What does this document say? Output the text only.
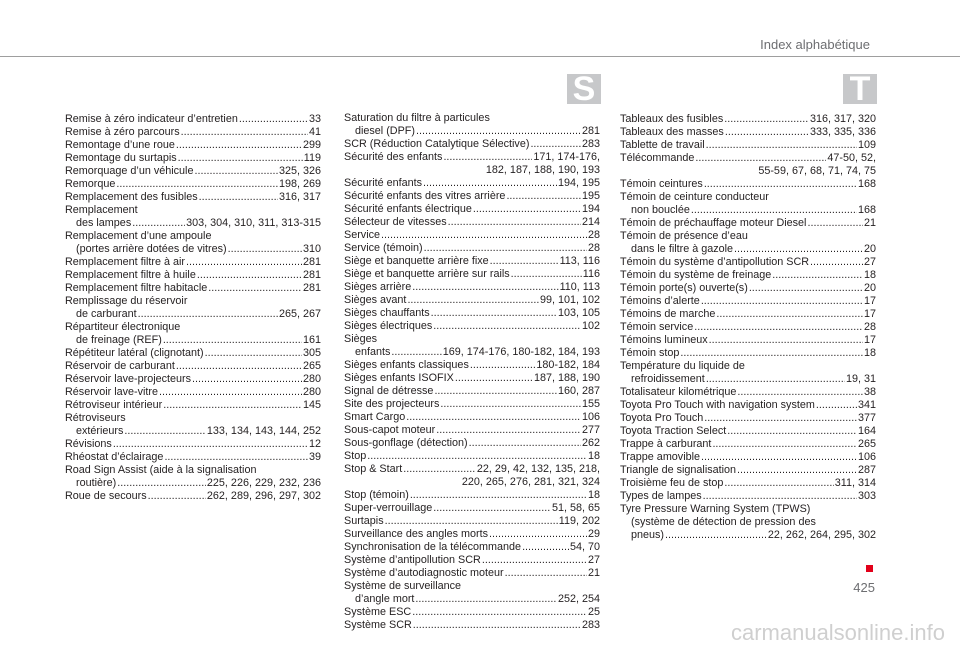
Index alphabétique
S	T
Remise à zéro indicateur d’entretien .....	33
Remise à zéro parcours .....	41
Remontage d’une roue .....	299
Remontage du surtapis .....	119
Remorquage d’un véhicule .....	325, 326
Remorque .....	198, 269
Remplacement des fusibles .....	316, 317
Remplacement
des lampes .....	303, 304, 310, 311, 313-315
Remplacement d’une ampoule
(portes arrière dotées de vitres) .....	310
Remplacement filtre à air .....	281
Remplacement filtre à huile .....	281
Remplacement filtre habitacle .....	281
Remplissage du réservoir
de carburant .....	265, 267
Répartiteur électronique
de freinage (REF) .....	161
Répétiteur latéral (clignotant) .....	305
Réservoir de carburant .....	265
Réservoir lave-projecteurs .....	280
Réservoir lave-vitre .....	280
Rétroviseur intérieur .....	145
Rétroviseurs
extérieurs .....	133, 134, 143, 144, 252
Révisions .....	12
Rhéostat d’éclairage .....	39
Road Sign Assist (aide à la signalisation
routière) .....	225, 226, 229, 232, 236
Roue de secours .....	262, 289, 296, 297, 302
Saturation du filtre à particules
diesel (DPF) .....	281
SCR (Réduction Catalytique Sélective) .....	283
Sécurité des enfants .....	171, 174-176,
182, 187, 188, 190, 193
Sécurité enfants .....	194, 195
Sécurité enfants des vitres arrière .....	195
Sécurité enfants électrique .....	194
Sélecteur de vitesses .....	214
Service .....	28
Service (témoin) .....	28
Siège et banquette arrière fixe .....	113, 116
Siège et banquette arrière sur rails .....	116
Sièges arrière .....	110, 113
Sièges avant .....	99, 101, 102
Sièges chauffants .....	103, 105
Sièges électriques .....	102
Sièges
enfants .....	169, 174-176, 180-182, 184, 193
Sièges enfants classiques .....	180-182, 184
Sièges enfants ISOFIX .....	187, 188, 190
Signal de détresse .....	160, 287
Site des projecteurs .....	155
Smart Cargo .....	106
Sous-capot moteur .....	277
Sous-gonflage (détection) .....	262
Stop .....	18
Stop & Start .....	22, 29, 42, 132, 135, 218,
220, 265, 276, 281, 321, 324
Stop (témoin) .....	18
Super-verrouillage .....	51, 58, 65
Surtapis .....	119, 202
Surveillance des angles morts .....	29
Synchronisation de la télécommande .....	54, 70
Système d’antipollution SCR .....	27
Système d’autodiagnostic moteur .....	21
Système de surveillance
d’angle mort .....	252, 254
Système ESC .....	25
Système SCR .....	283
Tableaux des fusibles .....	316, 317, 320
Tableaux des masses .....	333, 335, 336
Tablette de travail .....	109
Télécommande .....	47-50, 52,
55-59, 67, 68, 71, 74, 75
Témoin ceintures .....	168
Témoin de ceinture conducteur
non bouclée .....	168
Témoin de préchauffage moteur Diesel .....	21
Témoin de présence d’eau
dans le filtre à gazole .....	20
Témoin du système d’antipollution SCR .....	27
Témoin du système de freinage .....	18
Témoin porte(s) ouverte(s) .....	20
Témoins d’alerte .....	17
Témoins de marche .....	17
Témoin service .....	28
Témoins lumineux .....	17
Témoin stop .....	18
Température du liquide de
refroidissement .....	19, 31
Totalisateur kilométrique .....	38
Toyota Pro Touch with navigation system .....	341
Toyota Pro Touch .....	377
Toyota Traction Select .....	164
Trappe à carburant .....	265
Trappe amovible .....	106
Triangle de signalisation .....	287
Troisième feu de stop .....	311, 314
Types de lampes .....	303
Tyre Pressure Warning System (TPWS)
(système de détection de pression des
pneus) .....	22, 262, 264, 295, 302
425
carmanualsonline.info
